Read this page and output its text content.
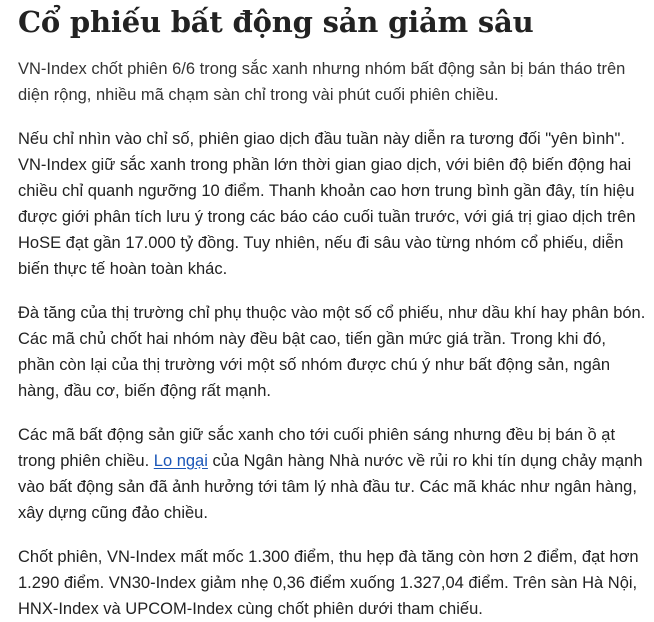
Cổ phiếu bất động sản giảm sâu

VN-Index chốt phiên 6/6 trong sắc xanh nhưng nhóm bất động sản bị bán tháo trên diện rộng, nhiều mã chạm sàn chỉ trong vài phút cuối phiên chiều.

Nếu chỉ nhìn vào chỉ số, phiên giao dịch đầu tuần này diễn ra tương đối "yên bình". VN-Index giữ sắc xanh trong phần lớn thời gian giao dịch, với biên độ biến động hai chiều chỉ quanh ngưỡng 10 điểm. Thanh khoản cao hơn trung bình gần đây, tín hiệu được giới phân tích lưu ý trong các báo cáo cuối tuần trước, với giá trị giao dịch trên HoSE đạt gần 17.000 tỷ đồng. Tuy nhiên, nếu đi sâu vào từng nhóm cổ phiếu, diễn biến thực tế hoàn toàn khác.

Đà tăng của thị trường chỉ phụ thuộc vào một số cổ phiếu, như dầu khí hay phân bón. Các mã chủ chốt hai nhóm này đều bật cao, tiến gần mức giá trần. Trong khi đó, phần còn lại của thị trường với một số nhóm được chú ý như bất động sản, ngân hàng, đầu cơ, biến động rất mạnh.

Các mã bất động sản giữ sắc xanh cho tới cuối phiên sáng nhưng đều bị bán ồ ạt trong phiên chiều. Lo ngại của Ngân hàng Nhà nước về rủi ro khi tín dụng chảy mạnh vào bất động sản đã ảnh hưởng tới tâm lý nhà đầu tư. Các mã khác như ngân hàng, xây dựng cũng đảo chiều.

Chốt phiên, VN-Index mất mốc 1.300 điểm, thu hẹp đà tăng còn hơn 2 điểm, đạt hơn 1.290 điểm. VN30-Index giảm nhẹ 0,36 điểm xuống 1.327,04 điểm. Trên sàn Hà Nội, HNX-Index và UPCOM-Index cùng chốt phiên dưới tham chiếu.
